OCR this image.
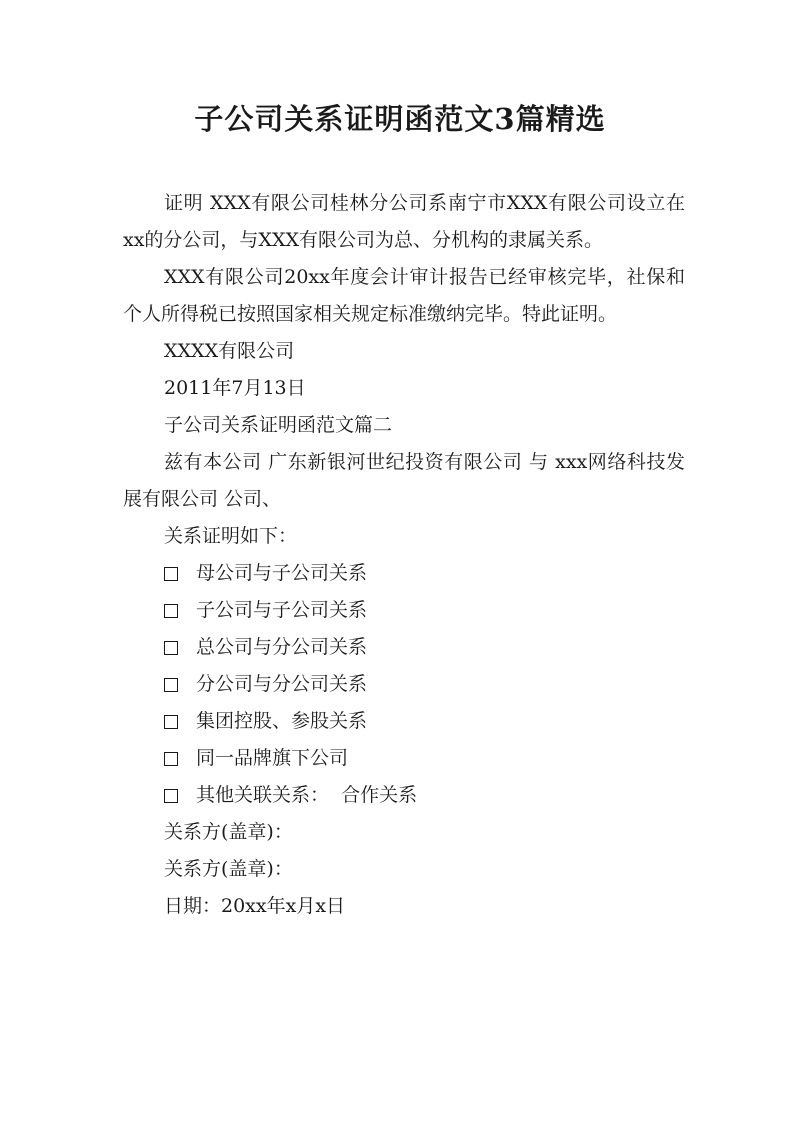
子公司关系证明函范文3篇精选

证明 XXX有限公司桂林分公司系南宁市XXX有限公司设立在xx的分公司，与XXX有限公司为总、分机构的隶属关系。

XXX有限公司20xx年度会计审计报告已经审核完毕，社保和个人所得税已按照国家相关规定标准缴纳完毕。特此证明。

XXXX有限公司

2011年7月13日

子公司关系证明函范文篇二

兹有本公司 广东新银河世纪投资有限公司 与 xxx网络科技发展有限公司 公司、

关系证明如下：

母公司与子公司关系
子公司与子公司关系
总公司与分公司关系
分公司与分公司关系
集团控股、参股关系
同一品牌旗下公司
其他关联关系：  合作关系

关系方(盖章)：

关系方(盖章)：

日期：20xx年x月x日
